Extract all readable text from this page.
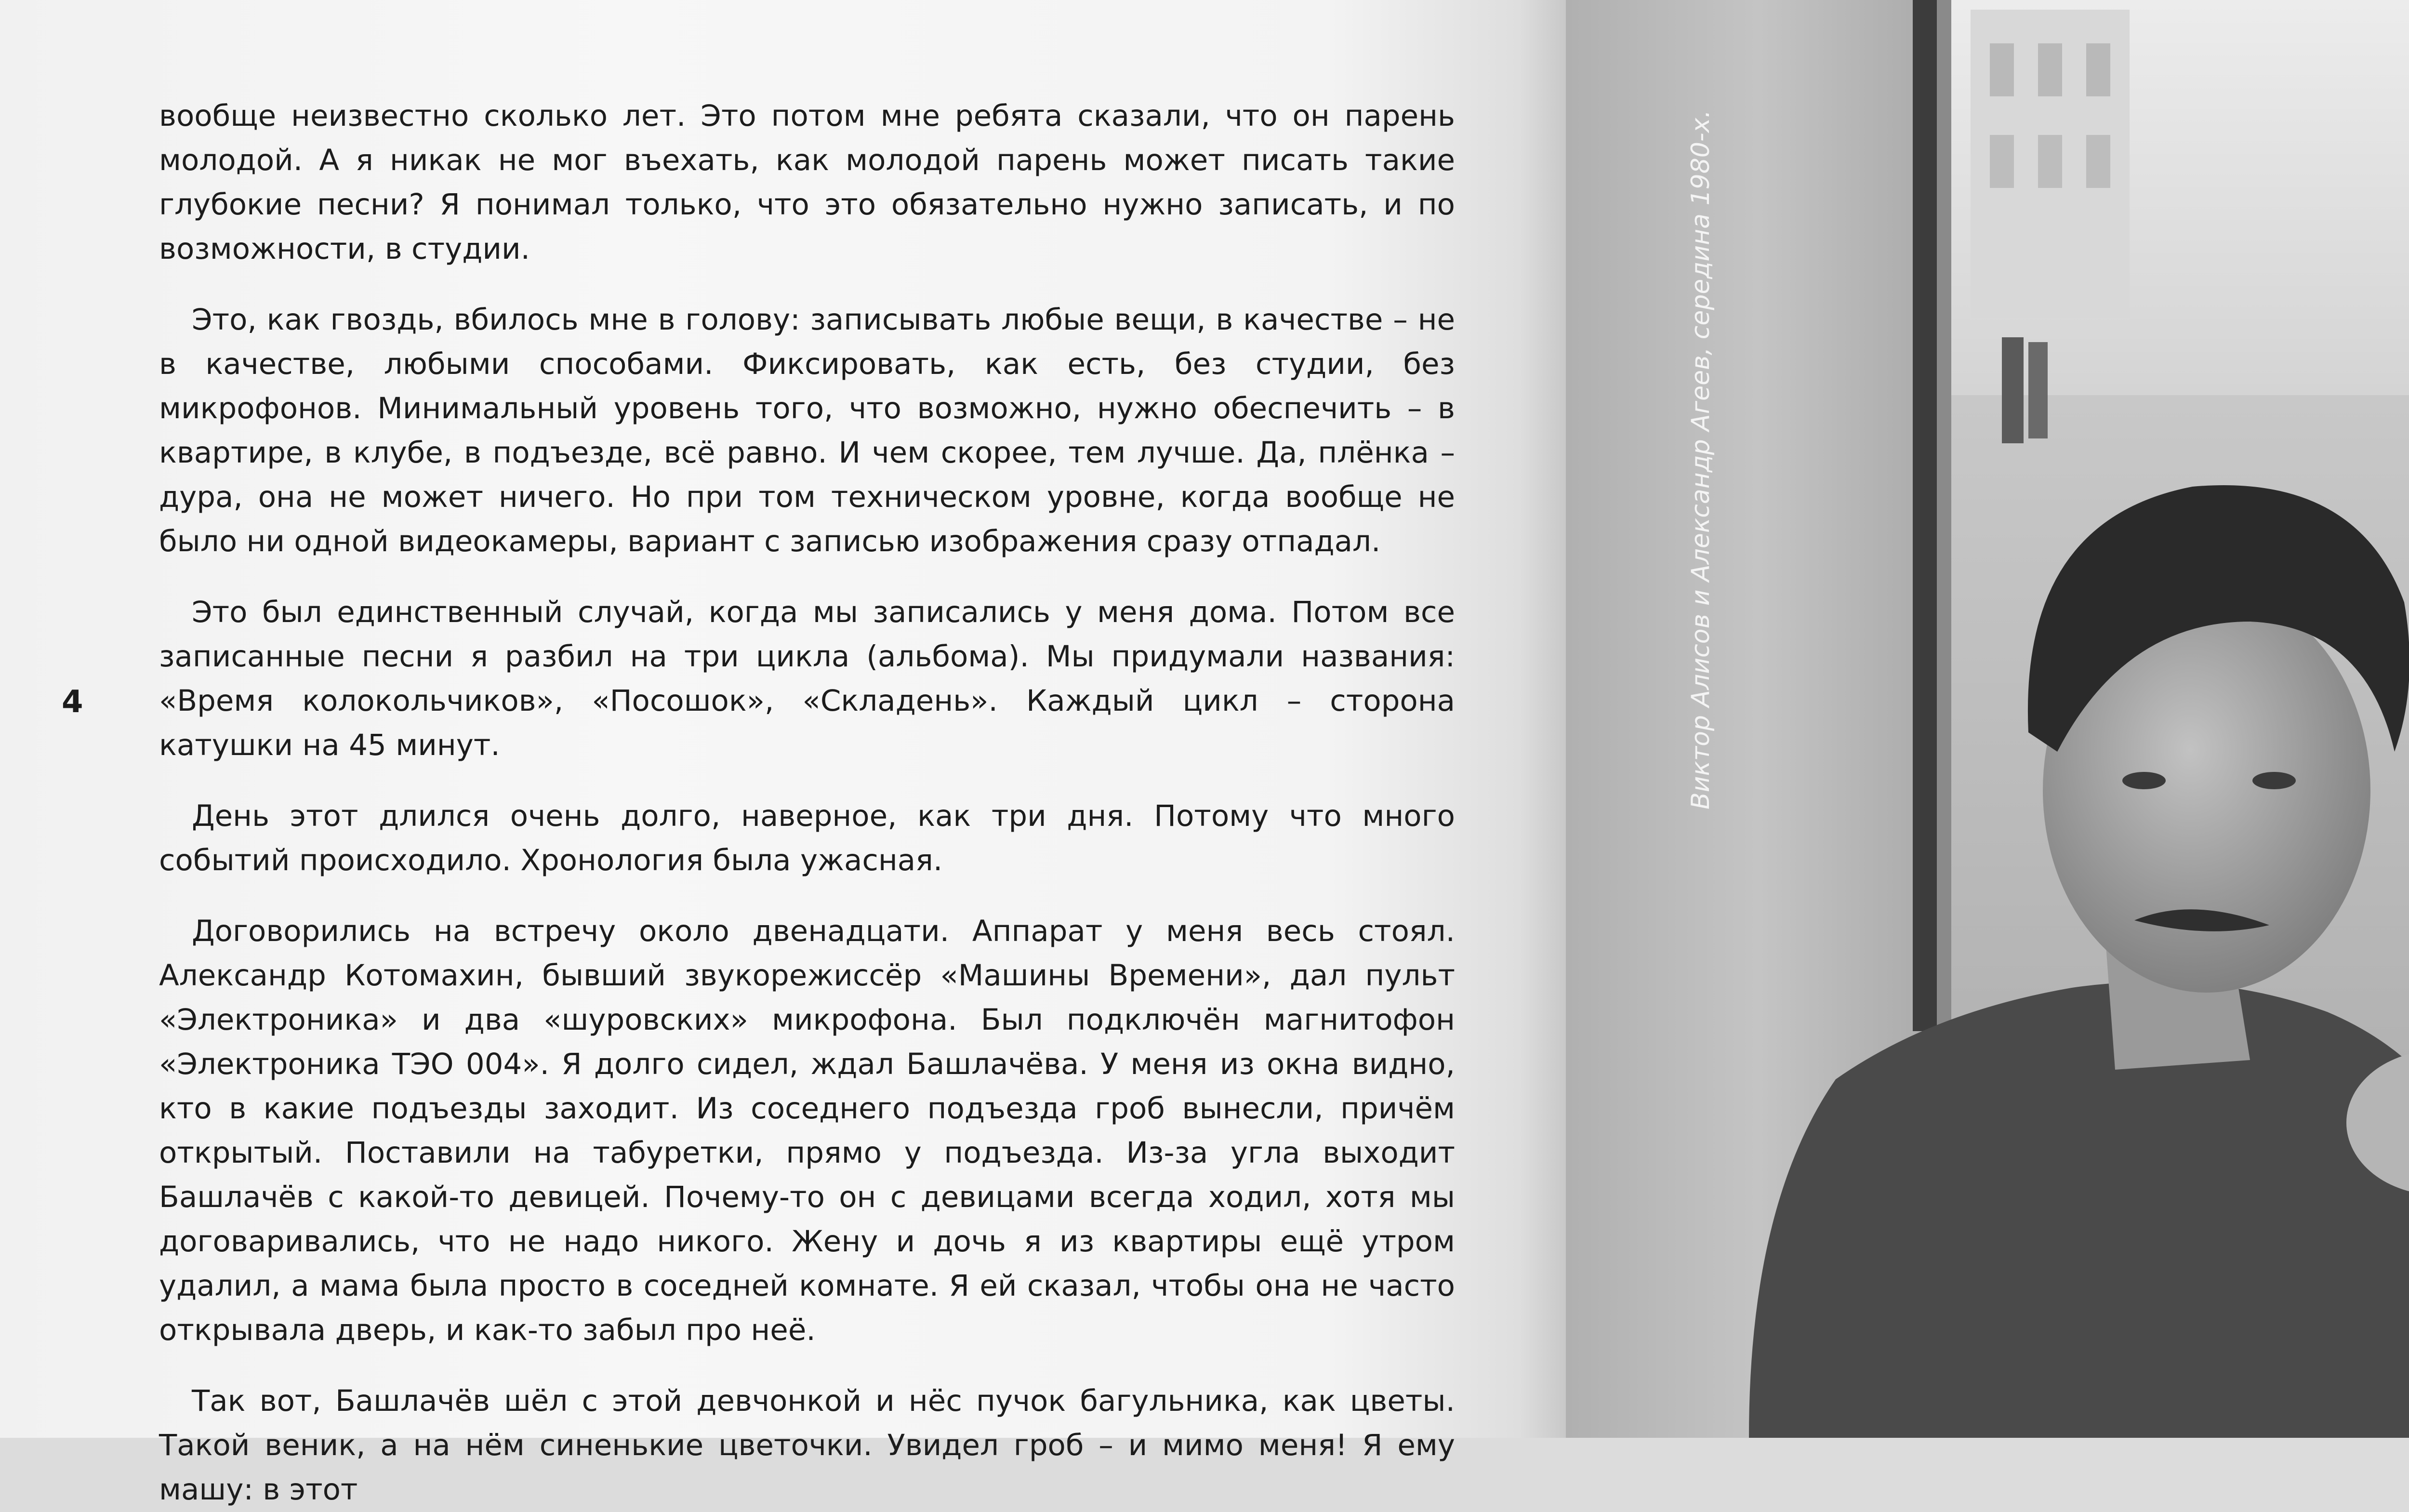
вообще неизвестно сколько лет. Это потом мне ребята сказали, что он парень молодой. А я никак не мог въехать, как молодой парень может писать такие глубокие песни? Я понимал только, что это обязательно нужно записать, и по возможности, в студии.

Это, как гвоздь, вбилось мне в голову: записывать любые вещи, в качестве – не в качестве, любыми способами. Фиксировать, как есть, без студии, без микрофонов. Минимальный уровень того, что возможно, нужно обеспечить – в квартире, в клубе, в подъезде, всё равно. И чем скорее, тем лучше. Да, плёнка – дура, она не может ничего. Но при том техническом уровне, когда вообще не было ни одной видеокамеры, вариант с записью изображения сразу отпадал.

Это был единственный случай, когда мы записались у меня дома. Потом все записанные песни я разбил на три цикла (альбома). Мы придумали названия: «Время колокольчиков», «Посошок», «Складень». Каждый цикл – сторона катушки на 45 минут.

День этот длился очень долго, наверное, как три дня. Потому что много событий происходило. Хронология была ужасная.

Договорились на встречу около двенадцати. Аппарат у меня весь стоял. Александр Котомахин, бывший звукорежиссёр «Машины Времени», дал пульт «Электроника» и два «шуровских» микрофона. Был подключён магнитофон «Электроника ТЭО 004». Я долго сидел, ждал Башлачёва. У меня из окна видно, кто в какие подъезды заходит. Из соседнего подъезда гроб вынесли, причём открытый. Поставили на табуретки, прямо у подъезда. Из-за угла выходит Башлачёв с какой-то девицей. Почему-то он с девицами всегда ходил, хотя мы договаривались, что не надо никого. Жену и дочь я из квартиры ещё утром удалил, а мама была просто в соседней комнате. Я ей сказал, чтобы она не часто открывала дверь, и как-то забыл про неё.

Так вот, Башлачёв шёл с этой девчонкой и нёс пучок багульника, как цветы. Такой веник, а на нём синенькие цветочки. Увидел гроб – и мимо меня! Я ему машу: в этот

4	Виктор Алисов и Александр Агеев, середина 1980-х.
